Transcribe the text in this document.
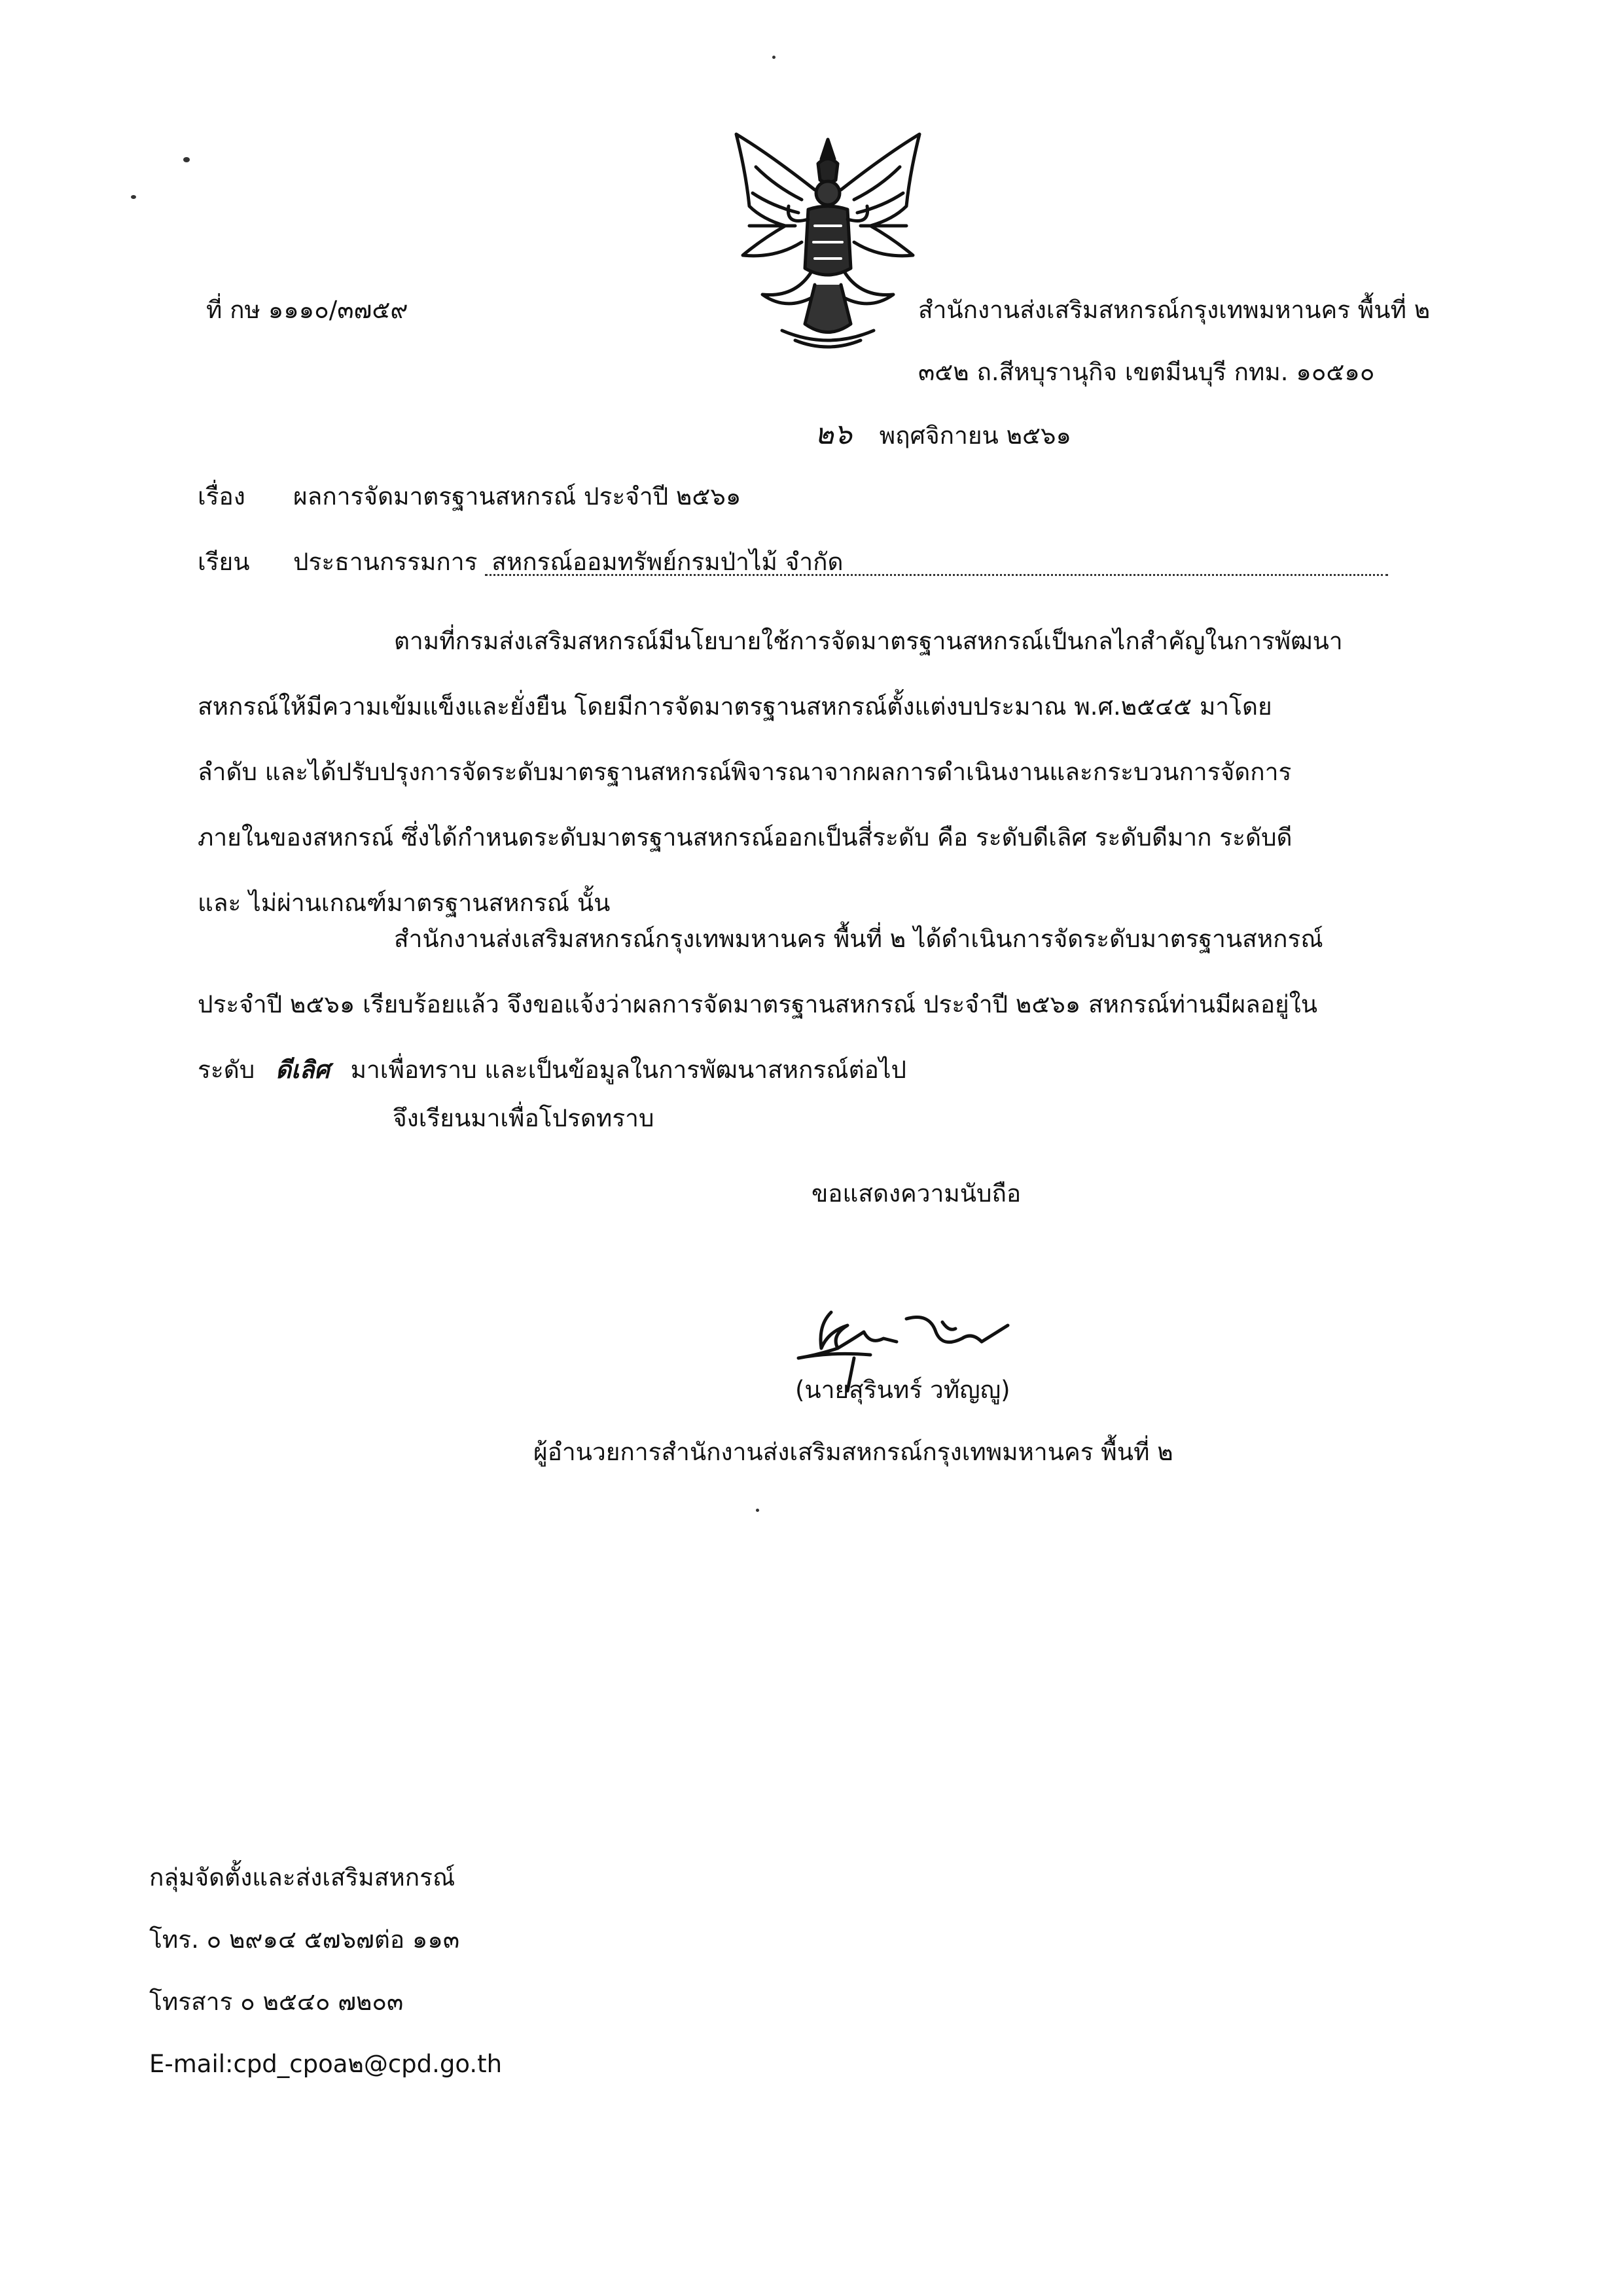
ที่ กษ ๑๑๑๐/๓๗๕๙	สำนักงานส่งเสริมสหกรณ์กรุงเทพมหานคร พื้นที่ ๒
๓๕๒ ถ.สีหบุรานุกิจ เขตมีนบุรี กทม. ๑๐๕๑๐
๒๖ พฤศจิกายน ๒๕๖๑
เรื่อง ผลการจัดมาตรฐานสหกรณ์ ประจำปี ๒๕๖๑
เรียน ประธานกรรมการ สหกรณ์ออมทรัพย์กรมป่าไม้ จำกัด
ตามที่กรมส่งเสริมสหกรณ์มีนโยบายใช้การจัดมาตรฐานสหกรณ์เป็นกลไกสำคัญในการพัฒนา
สหกรณ์ให้มีความเข้มแข็งและยั่งยืน โดยมีการจัดมาตรฐานสหกรณ์ตั้งแต่งบประมาณ พ.ศ.๒๕๔๕ มาโดย
ลำดับ และได้ปรับปรุงการจัดระดับมาตรฐานสหกรณ์พิจารณาจากผลการดำเนินงานและกระบวนการจัดการ
ภายในของสหกรณ์ ซึ่งได้กำหนดระดับมาตรฐานสหกรณ์ออกเป็นสี่ระดับ คือ ระดับดีเลิศ ระดับดีมาก ระดับดี
และ ไม่ผ่านเกณฑ์มาตรฐานสหกรณ์ นั้น
สำนักงานส่งเสริมสหกรณ์กรุงเทพมหานคร พื้นที่ ๒ ได้ดำเนินการจัดระดับมาตรฐานสหกรณ์
ประจำปี ๒๕๖๑ เรียบร้อยแล้ว จึงขอแจ้งว่าผลการจัดมาตรฐานสหกรณ์ ประจำปี ๒๕๖๑ สหกรณ์ท่านมีผลอยู่ใน
ระดับ ดีเลิศ มาเพื่อทราบ และเป็นข้อมูลในการพัฒนาสหกรณ์ต่อไป
จึงเรียนมาเพื่อโปรดทราบ
ขอแสดงความนับถือ
(นายสุรินทร์ วทัญญู)
ผู้อำนวยการสำนักงานส่งเสริมสหกรณ์กรุงเทพมหานคร พื้นที่ ๒
กลุ่มจัดตั้งและส่งเสริมสหกรณ์
โทร. ๐ ๒๙๑๔ ๕๗๖๗ต่อ ๑๑๓
โทรสาร ๐ ๒๕๔๐ ๗๒๐๓
E-mail:cpd_cpoa๒@cpd.go.th
